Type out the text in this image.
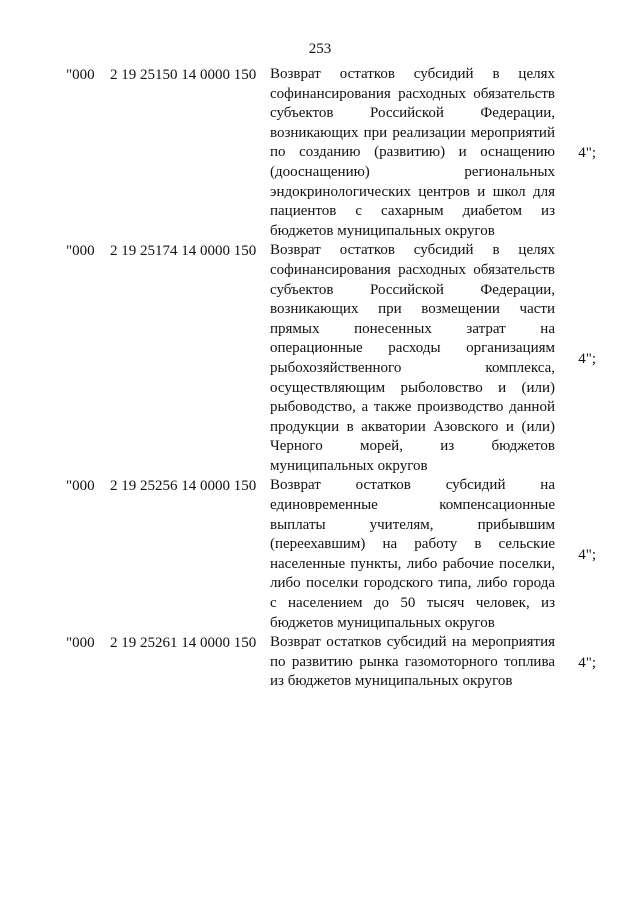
253
"000	2 19 25150 14 0000 150 Возврат остатков субсидий в целях софинансирования расходных обязательств субъектов Российской Федерации, возникающих при реализации мероприятий по созданию (развитию) и оснащению (дооснащению) региональных эндокринологических центров и школ для пациентов с сахарным диабетом из бюджетов муниципальных округов
4";
"000	2 19 25174 14 0000 150 Возврат остатков субсидий в целях софинансирования расходных обязательств субъектов Российской Федерации, возникающих при возмещении части прямых понесенных затрат на операционные расходы организациям рыбохозяйственного комплекса, осуществляющим рыболовство и (или) рыбоводство, а также производство данной продукции в акватории Азовского и (или) Черного морей, из бюджетов муниципальных округов
4";
"000	2 19 25256 14 0000 150 Возврат остатков субсидий на единовременные компенсационные выплаты учителям, прибывшим (переехавшим) на работу в сельские населенные пункты, либо рабочие поселки, либо поселки городского типа, либо города с населением до 50 тысяч человек, из бюджетов муниципальных округов
4";
"000	2 19 25261 14 0000 150 Возврат остатков субсидий на мероприятия по развитию рынка газомоторного топлива из бюджетов муниципальных округов
4";
